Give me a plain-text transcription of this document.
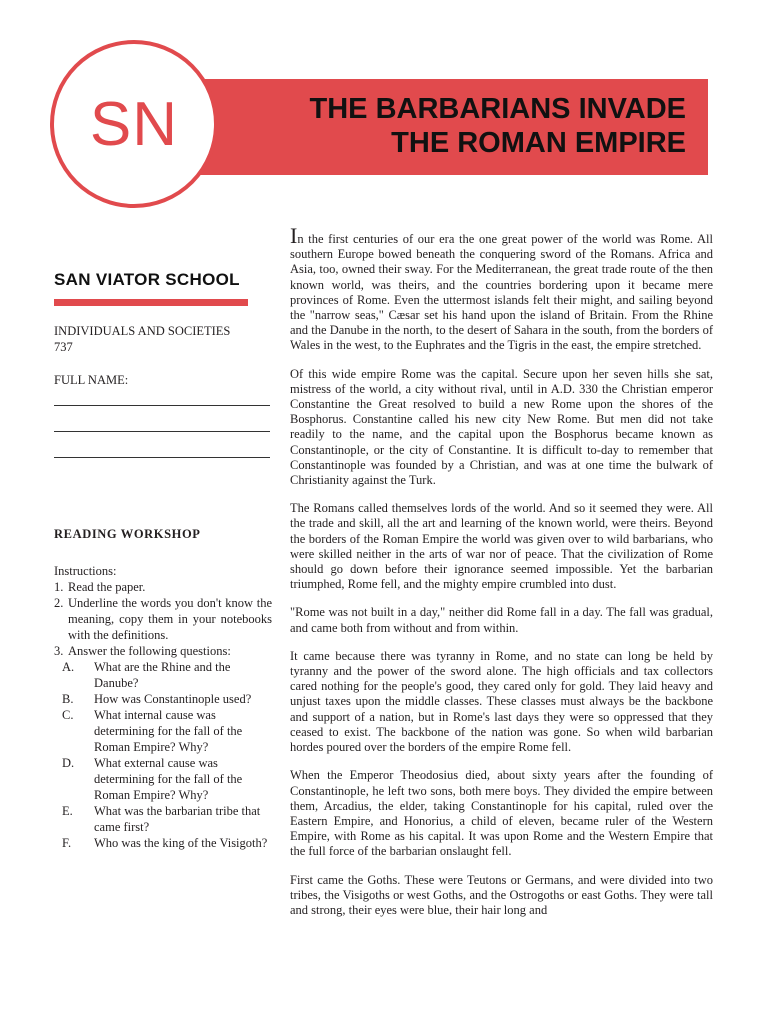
SN	THE BARBARIANS INVADE
THE ROMAN EMPIRE
SAN VIATOR SCHOOL
INDIVIDUALS AND SOCIETIES
737
FULL NAME:
READING WORKSHOP
Instructions:
1. Read the paper.
2. Underline the words you don't know the meaning, copy them in your notebooks with the definitions.
3. Answer the following questions:
A.	What are the Rhine and the Danube?
B.	How was Constantinople used?
C.	What internal cause was determining for the fall of the Roman Empire? Why?
D.	What external cause was determining for the fall of the Roman Empire? Why?
E.	What was the barbarian tribe that came first?
F.	Who was the king of the Visigoth?

In the first centuries of our era the one great power of the world was Rome. All southern Europe bowed beneath the conquering sword of the Romans. Africa and Asia, too, owned their sway. For the Mediterranean, the great trade route of the then known world, was theirs, and the countries bordering upon it became mere provinces of Rome. Even the uttermost islands felt their might, and sailing beyond the "narrow seas," Cæsar set his hand upon the island of Britain. From the Rhine and the Danube in the north, to the desert of Sahara in the south, from the borders of Wales in the west, to the Euphrates and the Tigris in the east, the empire stretched.

Of this wide empire Rome was the capital. Secure upon her seven hills she sat, mistress of the world, a city without rival, until in A.D. 330 the Christian emperor Constantine the Great resolved to build a new Rome upon the shores of the Bosphorus. Constantine called his new city New Rome. But men did not take readily to the name, and the capital upon the Bosphorus became known as Constantinople, or the city of Constantine. It is difficult to-day to remember that Constantinople was founded by a Christian, and was at one time the bulwark of Christianity against the Turk.

The Romans called themselves lords of the world. And so it seemed they were. All the trade and skill, all the art and learning of the known world, were theirs. Beyond the borders of the Roman Empire the world was given over to wild barbarians, who were skilled neither in the arts of war nor of peace. That the civilization of Rome should go down before their ignorance seemed impossible. Yet the barbarian triumphed, Rome fell, and the mighty empire crumbled into dust.

"Rome was not built in a day," neither did Rome fall in a day. The fall was gradual, and came both from without and from within.

It came because there was tyranny in Rome, and no state can long be held by tyranny and the power of the sword alone. The high officials and tax collectors cared nothing for the people's good, they cared only for gold. They laid heavy and unjust taxes upon the middle classes. These classes must always be the backbone and support of a nation, but in Rome's last days they were so oppressed that they ceased to exist. The backbone of the nation was gone. So when wild barbarian hordes poured over the borders of the empire Rome fell.

When the Emperor Theodosius died, about sixty years after the founding of Constantinople, he left two sons, both mere boys. They divided the empire between them, Arcadius, the elder, taking Constantinople for his capital, ruled over the Eastern Empire, and Honorius, a child of eleven, became ruler of the Western Empire, with Rome as his capital. It was upon Rome and the Western Empire that the full force of the barbarian onslaught fell.

First came the Goths. These were Teutons or Germans, and were divided into two tribes, the Visigoths or west Goths, and the Ostrogoths or east Goths. They were tall and strong, their eyes were blue, their hair long and
